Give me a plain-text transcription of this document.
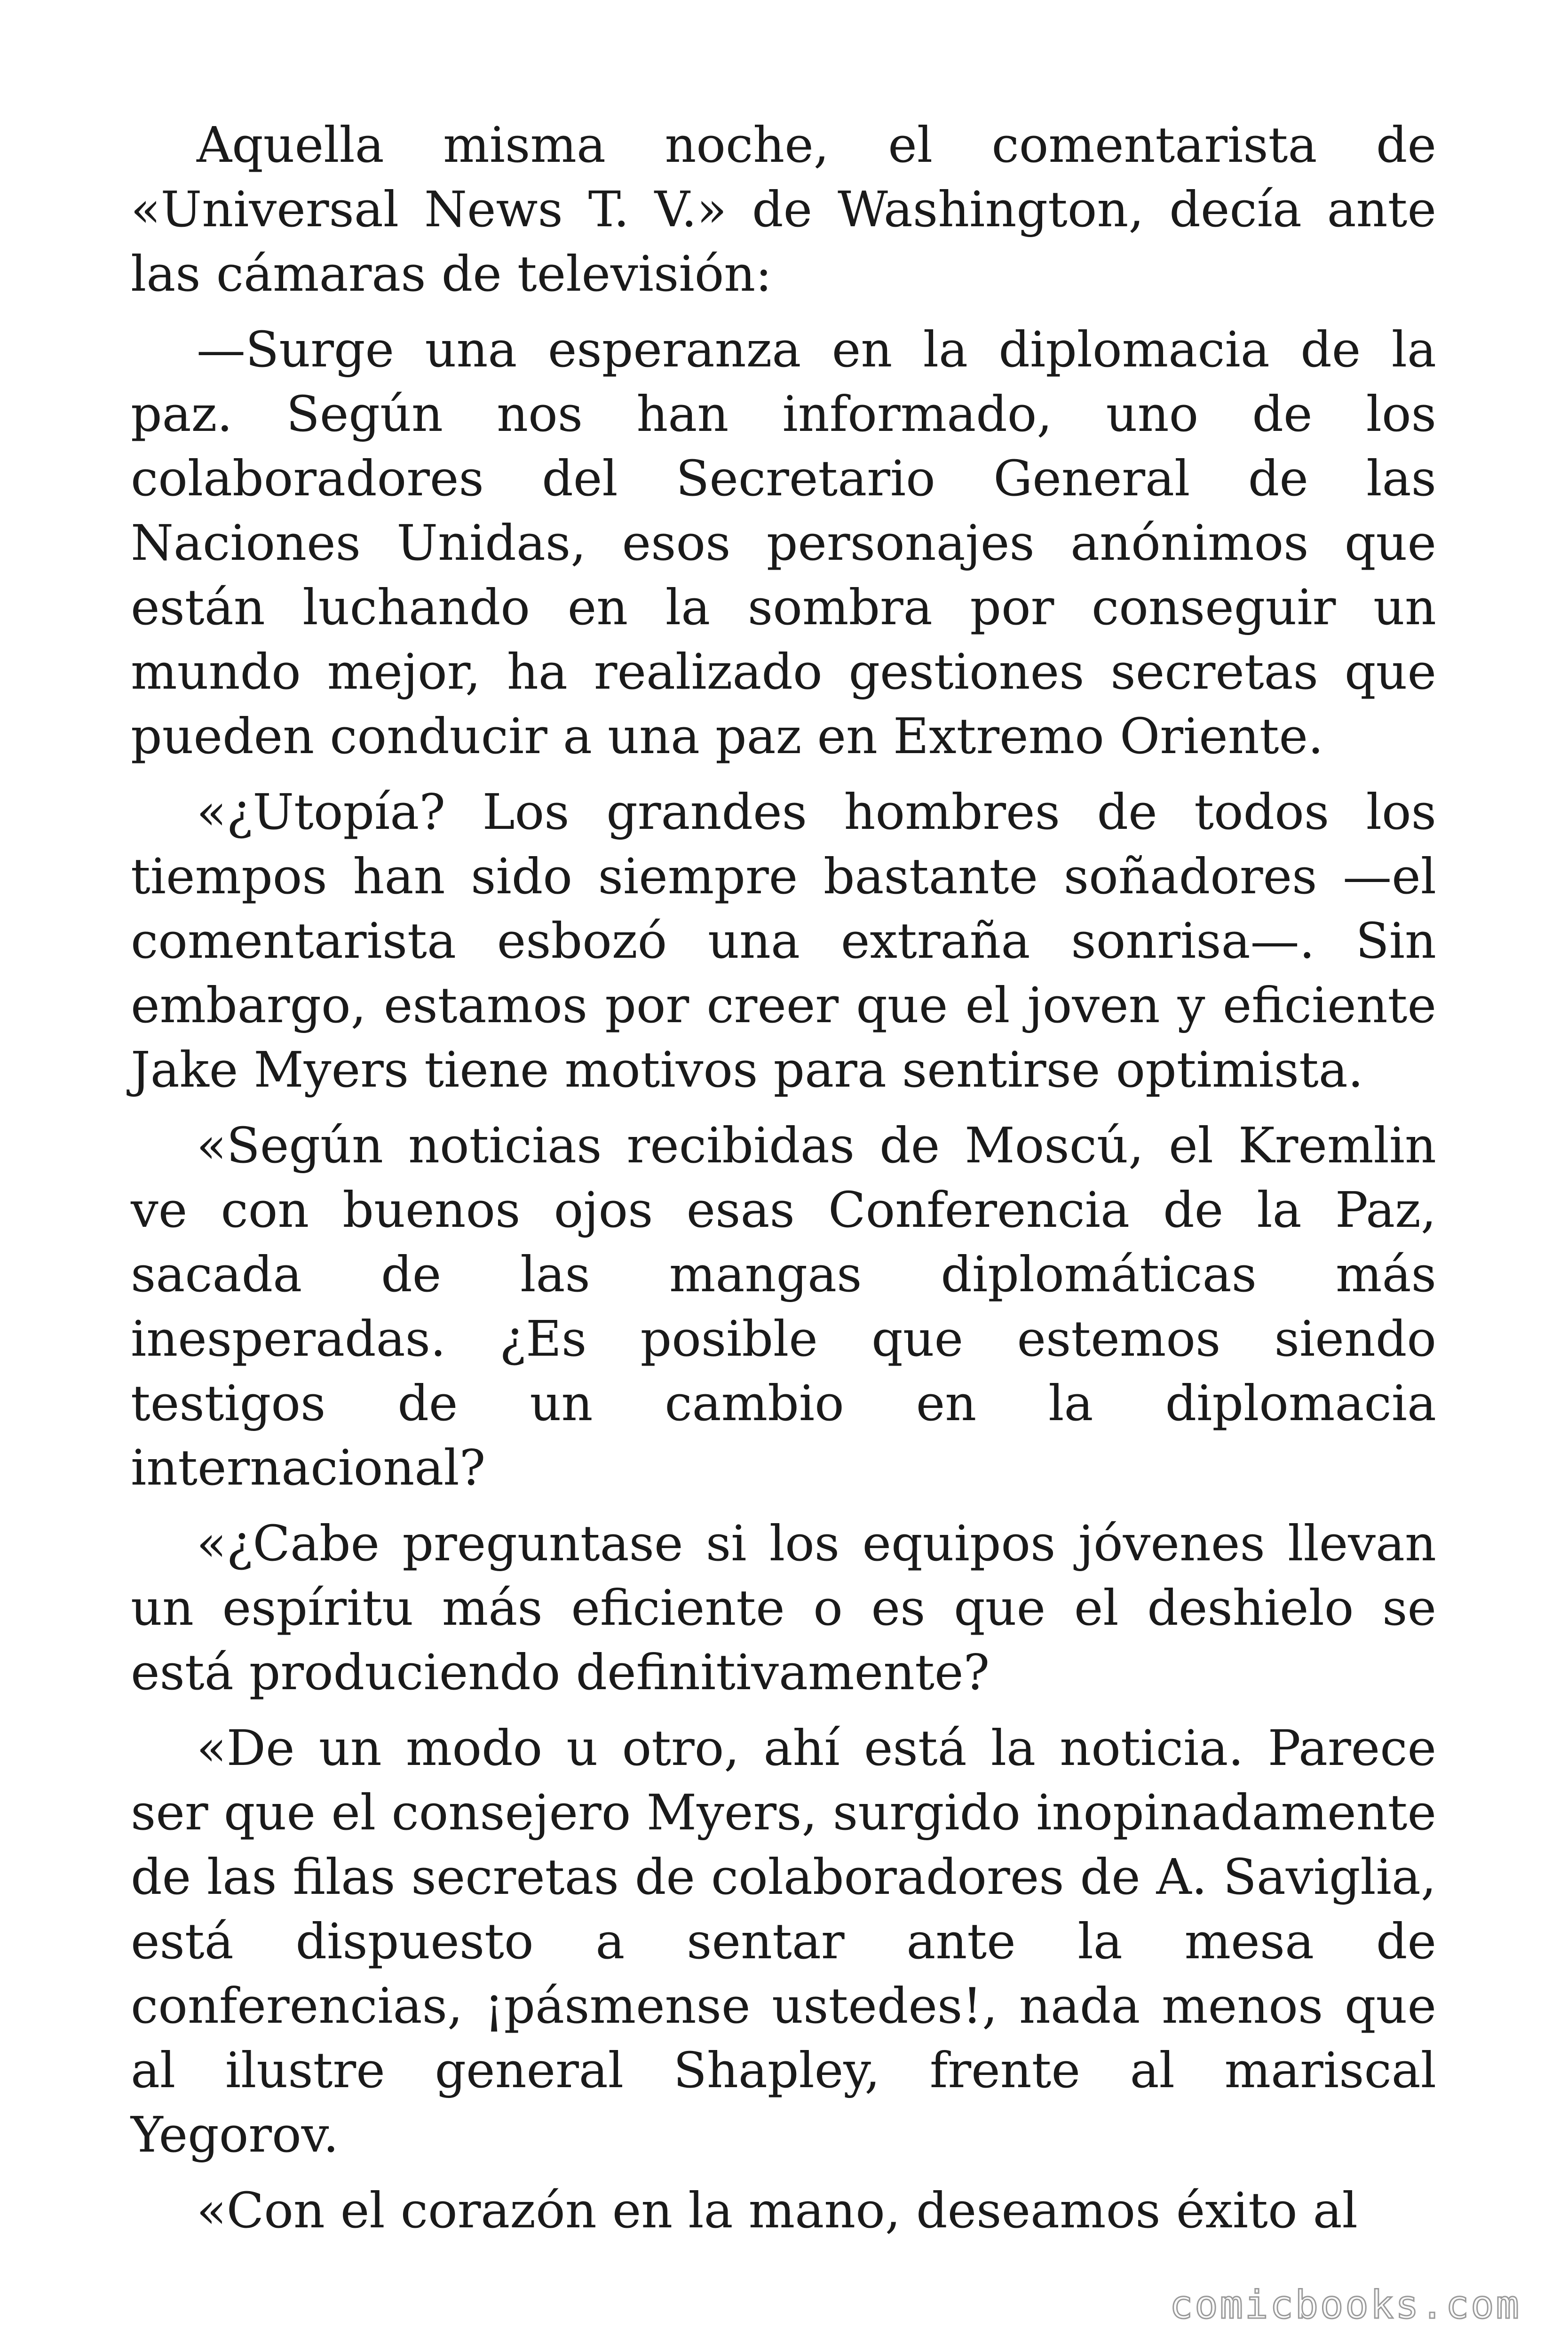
Aquella misma noche, el comentarista de «Universal News T. V.» de Washington, decía ante las cámaras de televisión:

—Surge una esperanza en la diplomacia de la paz. Según nos han informado, uno de los colaboradores del Secretario General de las Naciones Unidas, esos personajes anónimos que están luchando en la sombra por conseguir un mundo mejor, ha realizado gestiones secretas que pueden conducir a una paz en Extremo Oriente.

«¿Utopía? Los grandes hombres de todos los tiempos han sido siempre bastante soñadores —el comentarista esbozó una extraña sonrisa—. Sin embargo, estamos por creer que el joven y eficiente Jake Myers tiene motivos para sentirse optimista.

«Según noticias recibidas de Moscú, el Kremlin ve con buenos ojos esas Conferencia de la Paz, sacada de las mangas diplomáticas más inesperadas. ¿Es posible que estemos siendo testigos de un cambio en la diplomacia internacional?

«¿Cabe preguntase si los equipos jóvenes llevan un espíritu más eficiente o es que el deshielo se está produciendo definitivamente?

«De un modo u otro, ahí está la noticia. Parece ser que el consejero Myers, surgido inopinadamente de las filas secretas de colaboradores de A. Saviglia, está dispuesto a sentar ante la mesa de conferencias, ¡pásmense ustedes!, nada menos que al ilustre general Shapley, frente al mariscal Yegorov.

«Con el corazón en la mano, deseamos éxito al

comicbooks.com
